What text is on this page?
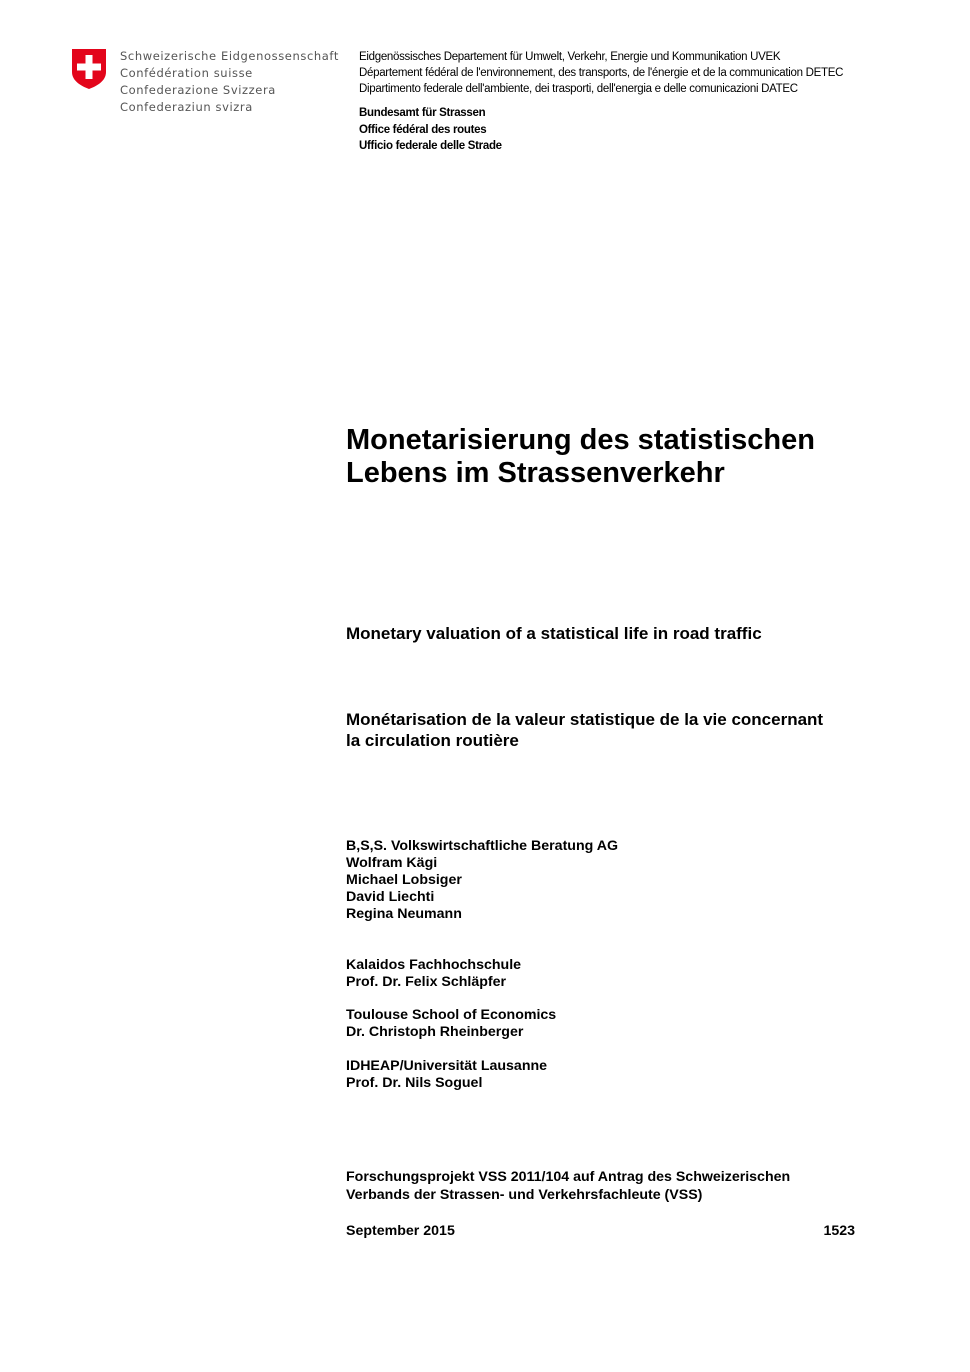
Schweizerische Eidgenossenschaft
Confédération suisse
Confederazione Svizzera
Confederaziun svizra
Eidgenössisches Departement für Umwelt, Verkehr, Energie und Kommunikation UVEK
Département fédéral de l'environnement, des transports, de l'énergie et de la communication DETEC
Dipartimento federale dell'ambiente, dei trasporti, dell'energia e delle comunicazioni DATEC
Bundesamt für Strassen
Office fédéral des routes
Ufficio federale delle Strade
Monetarisierung des statistischen
Lebens im Strassenverkehr
Monetary valuation of a statistical life in road traffic
Monétarisation de la valeur statistique de la vie concernant
la circulation routière
B,S,S. Volkswirtschaftliche Beratung AG
Wolfram Kägi
Michael Lobsiger
David Liechti
Regina Neumann
Kalaidos Fachhochschule
Prof. Dr. Felix Schläpfer
Toulouse School of Economics
Dr. Christoph Rheinberger
IDHEAP/Universität Lausanne
Prof. Dr. Nils Soguel
Forschungsprojekt VSS 2011/104 auf Antrag des Schweizerischen
Verbands der Strassen- und Verkehrsfachleute (VSS)
September 2015	1523
